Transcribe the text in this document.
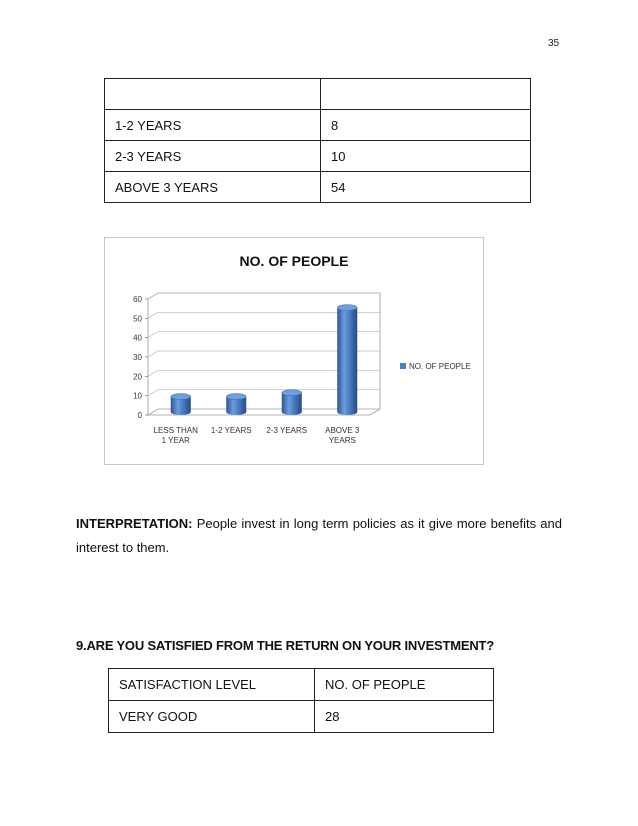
35

1-2 YEARS	8
2-3 YEARS	10
ABOVE 3 YEARS	54
0
10
20
30
40
50
60
LESS THAN
1 YEAR
1-2 YEARS 2-3 YEARS ABOVE 3
YEARS
NO. OF PEOPLE
NO. OF PEOPLE
INTERPRETATION: People invest in long term policies as it give more benefits and interest to them.
9.ARE YOU SATISFIED FROM THE RETURN ON YOUR INVESTMENT?
SATISFACTION LEVEL	NO. OF PEOPLE
VERY GOOD	28
